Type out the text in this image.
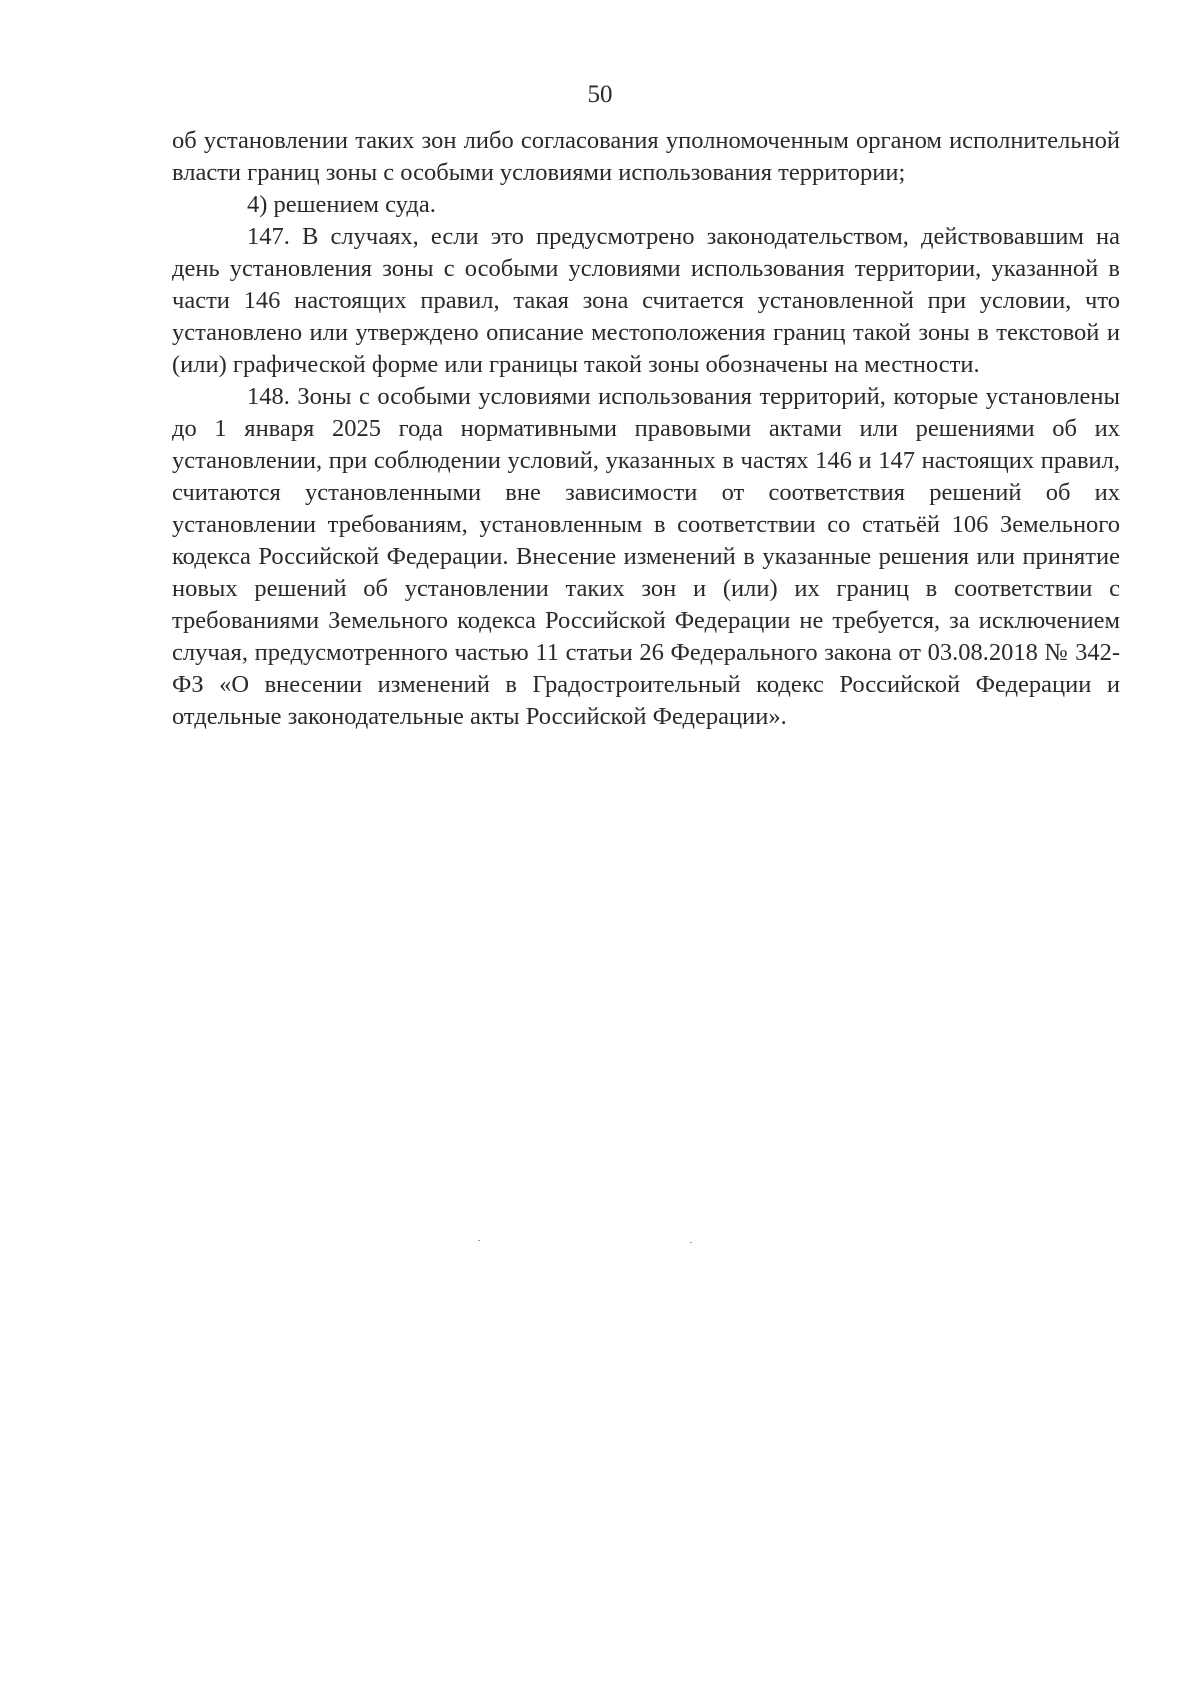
50

об установлении таких зон либо согласования уполномоченным органом исполнительной власти границ зоны с особыми условиями использования территории;

4) решением суда.

147. В случаях, если это предусмотрено законодательством, действовавшим на день установления зоны с особыми условиями использования территории, указанной в части 146 настоящих правил, такая зона считается установленной при условии, что установлено или утверждено описание местоположения границ такой зоны в текстовой и (или) графической форме или границы такой зоны обозначены на местности.

148. Зоны с особыми условиями использования территорий, которые установлены до 1 января 2025 года нормативными правовыми актами или решениями об их установлении, при соблюдении условий, указанных в частях 146 и 147 настоящих правил, считаются установленными вне зависимости от соответствия решений об их установлении требованиям, установленным в соответствии со статьёй 106 Земельного кодекса Российской Федерации. Внесение изменений в указанные решения или принятие новых решений об установлении таких зон и (или) их границ в соответствии с требованиями Земельного кодекса Российской Федерации не требуется, за исключением случая, предусмотренного частью 11 статьи 26 Федерального закона от 03.08.2018 № 342-ФЗ «О внесении изменений в Градостроительный кодекс Российской Федерации и отдельные законодательные акты Российской Федерации».
